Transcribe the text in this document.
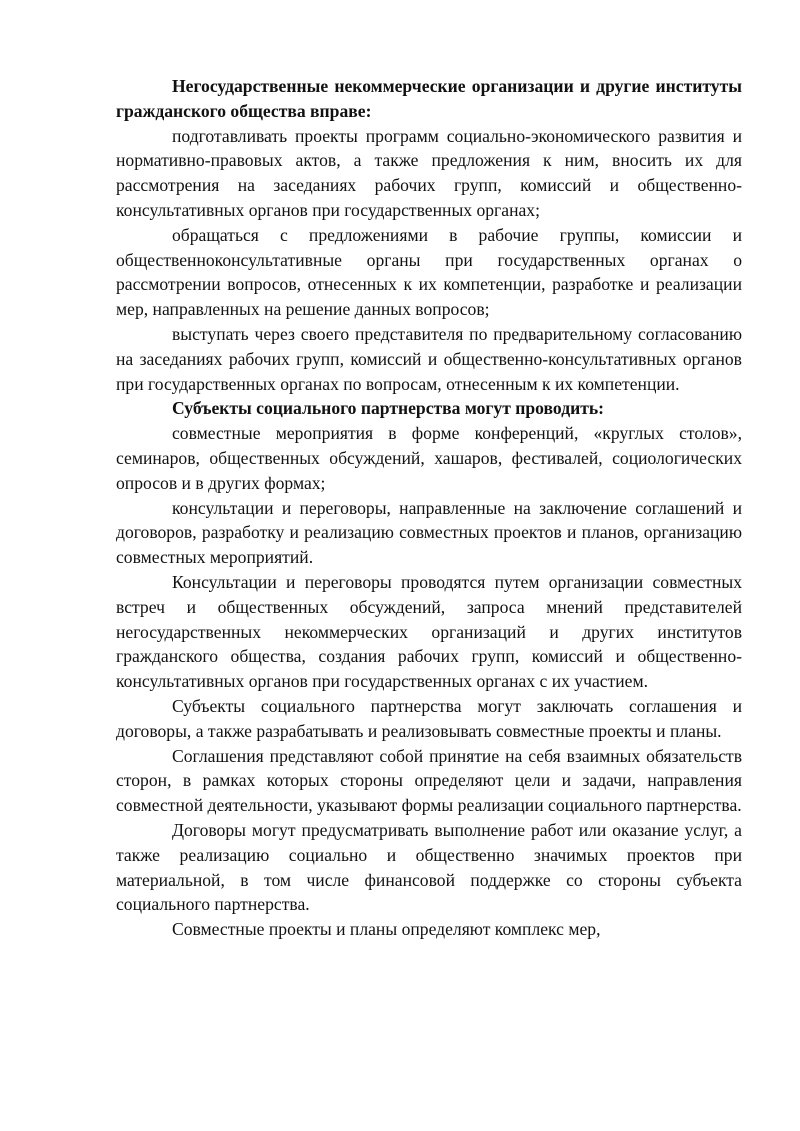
Негосударственные некоммерческие организации и другие институты гражданского общества вправе:

подготавливать проекты программ социально-экономического развития и нормативно-правовых актов, а также предложения к ним, вносить их для рассмотрения на заседаниях рабочих групп, комиссий и общественно-консультативных органов при государственных органах;

обращаться с предложениями в рабочие группы, комиссии и общественноконсультативные органы при государственных органах о рассмотрении вопросов, отнесенных к их компетенции, разработке и реализации мер, направленных на решение данных вопросов;

выступать через своего представителя по предварительному согласованию на заседаниях рабочих групп, комиссий и общественно-консультативных органов при государственных органах по вопросам, отнесенным к их компетенции.

Субъекты социального партнерства могут проводить:

совместные мероприятия в форме конференций, «круглых столов», семинаров, общественных обсуждений, хашаров, фестивалей, социологических опросов и в других формах;

консультации и переговоры, направленные на заключение соглашений и договоров, разработку и реализацию совместных проектов и планов, организацию совместных мероприятий.

Консультации и переговоры проводятся путем организации совместных встреч и общественных обсуждений, запроса мнений представителей негосударственных некоммерческих организаций и других институтов гражданского общества, создания рабочих групп, комиссий и общественно-консультативных органов при государственных органах с их участием.

Субъекты социального партнерства могут заключать соглашения и договоры, а также разрабатывать и реализовывать совместные проекты и планы.

Соглашения представляют собой принятие на себя взаимных обязательств сторон, в рамках которых стороны определяют цели и задачи, направления совместной деятельности, указывают формы реализации социального партнерства.

Договоры могут предусматривать выполнение работ или оказание услуг, а также реализацию социально и общественно значимых проектов при материальной, в том числе финансовой поддержке со стороны субъекта социального партнерства.

Совместные проекты и планы определяют комплекс мер,
